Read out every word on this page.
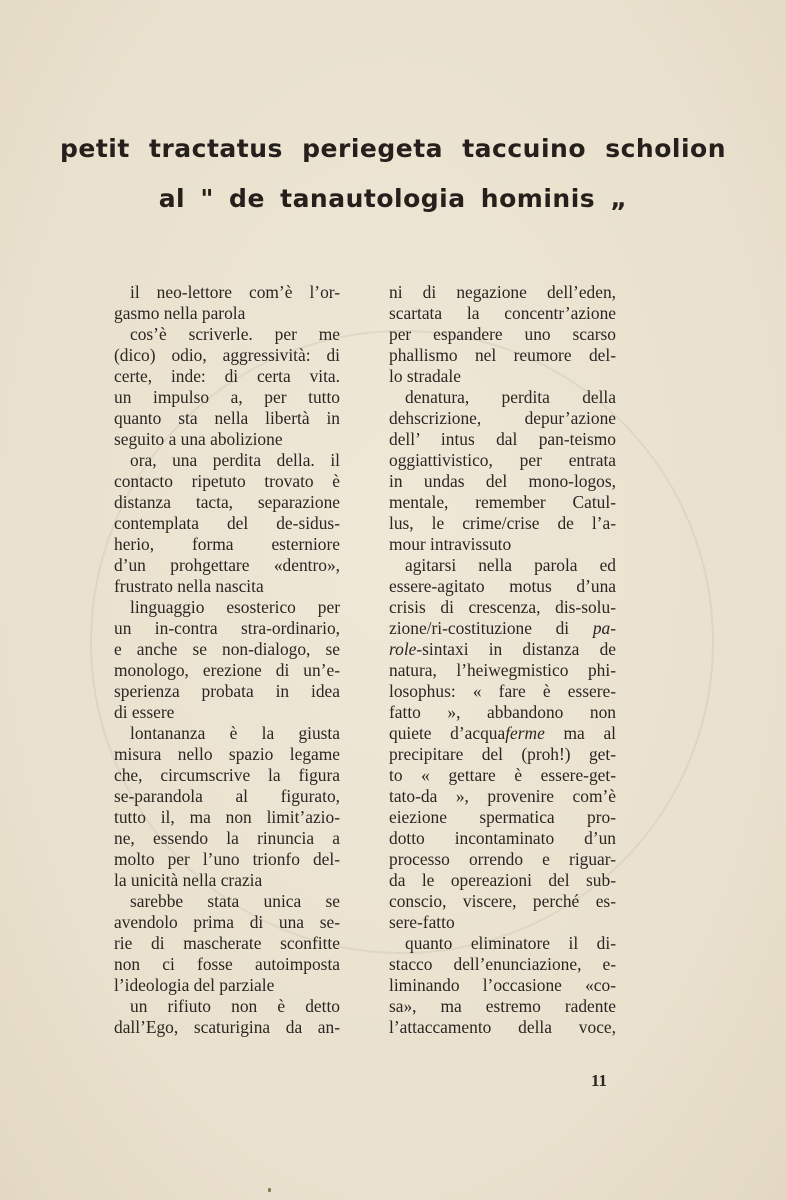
petit tractatus periegeta taccuino scholion
al " de tanautologia hominis „
il neo-lettore com’è l’or-
gasmo nella parola
cos’è scriverle. per me
(dico) odio, aggressività: di
certe, inde: di certa vita.
un impulso a, per tutto
quanto sta nella libertà in
seguito a una abolizione
ora, una perdita della. il
contacto ripetuto trovato è
distanza tacta, separazione
contemplata del de-sidus-
herio, forma esterniore
d’un prohgettare «dentro»,
frustrato nella nascita
linguaggio esosterico per
un in-contra stra-ordinario,
e anche se non-dialogo, se
monologo, erezione di un’e-
sperienza probata in idea
di essere
lontananza è la giusta
misura nello spazio legame
che, circumscrive la figura
se-parandola al figurato,
tutto il, ma non limit’azio-
ne, essendo la rinuncia a
molto per l’uno trionfo del-
la unicità nella crazia
sarebbe stata unica se
avendolo prima di una se-
rie di mascherate sconfitte
non ci fosse autoimposta
l’ideologia del parziale
un rifiuto non è detto
dall’Ego, scaturigina da an-
ni di negazione dell’eden,
scartata la concentr’azione
per espandere uno scarso
phallismo nel reumore del-
lo stradale
denatura, perdita della
dehscrizione, depur’azione
dell’ intus dal pan-teismo
oggiattivistico, per entrata
in undas del mono-logos,
mentale, remember Catul-
lus, le crime/crise de l’a-
mour intravissuto
agitarsi nella parola ed
essere-agitato motus d’una
crisis di crescenza, dis-solu-
zione/ri-costituzione di pa-
role-sintaxi in distanza de
natura, l’heiwegmistico phi-
losophus: « fare è essere-
fatto », abbandono non
quiete d’acquaferme ma al
precipitare del (proh!) get-
to « gettare è essere-get-
tato-da », provenire com’è
eiezione spermatica pro-
dotto incontaminato d’un
processo orrendo e riguar-
da le opereazioni del sub-
conscio, viscere, perché es-
sere-fatto
quanto eliminatore il di-
stacco dell’enunciazione, e-
liminando l’occasione «co-
sa», ma estremo radente
l’attaccamento della voce,
11
